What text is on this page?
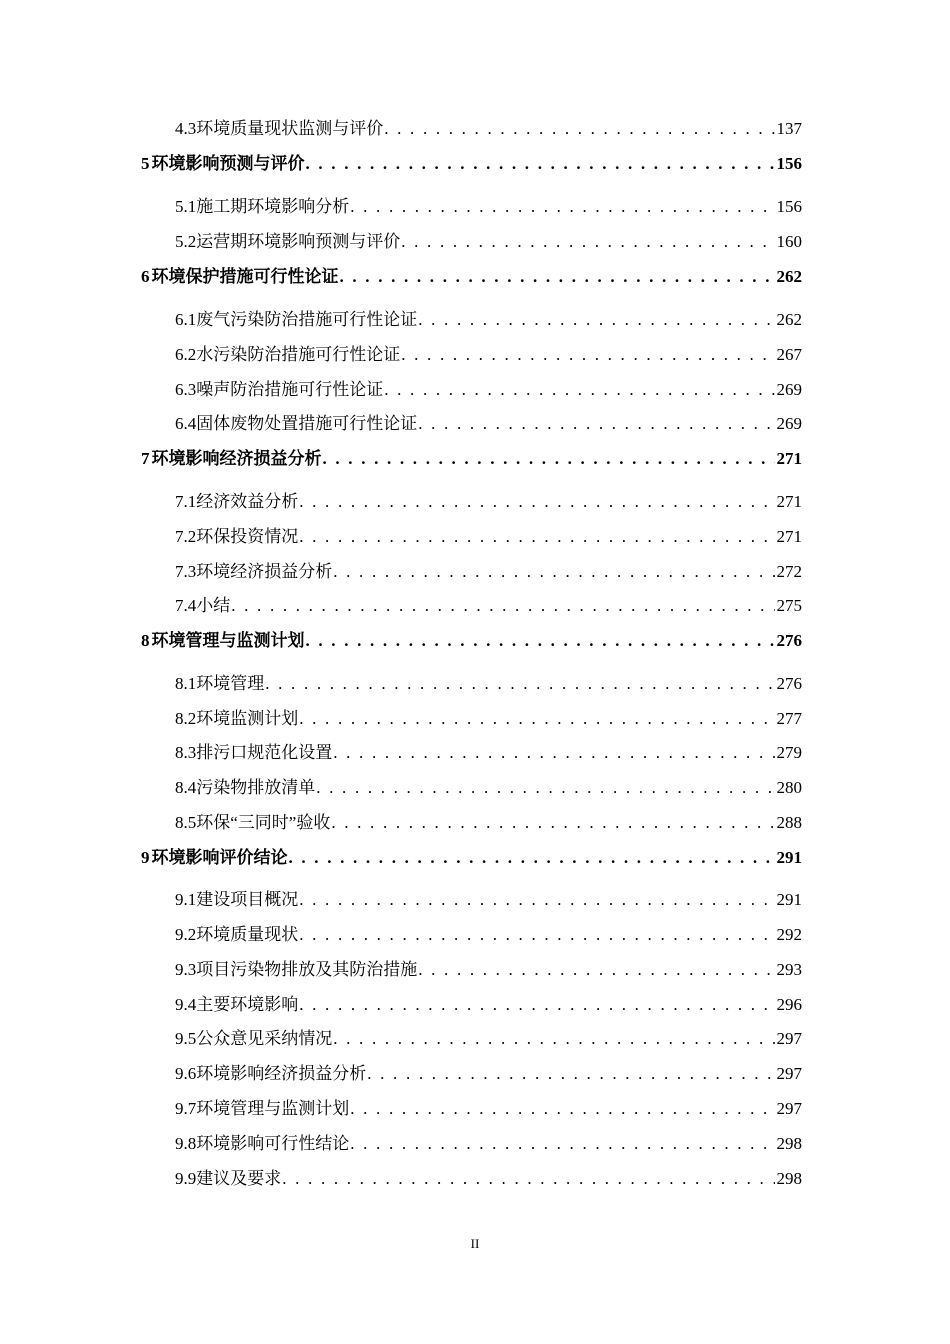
4.3 环境质量现状监测与评价 . . .	137
5 环境影响预测与评价 . . .	156
5.1 施工期环境影响分析 . . .	156
5.2 运营期环境影响预测与评价 . . .	160
6 环境保护措施可行性论证 . . .	262
6.1 废气污染防治措施可行性论证 . . .	262
6.2 水污染防治措施可行性论证 . . .	267
6.3 噪声防治措施可行性论证 . . .	269
6.4 固体废物处置措施可行性论证 . . .	269
7 环境影响经济损益分析 . . .	271
7.1 经济效益分析 . . .	271
7.2 环保投资情况 . . .	271
7.3 环境经济损益分析 . . .	272
7.4 小结 . . .	275
8 环境管理与监测计划 . . .	276
8.1 环境管理 . . .	276
8.2 环境监测计划 . . .	277
8.3 排污口规范化设置 . . .	279
8.4 污染物排放清单 . . .	280
8.5 环保“三同时”验收 . . .	288
9 环境影响评价结论 . . .	291
9.1 建设项目概况 . . .	291
9.2 环境质量现状 . . .	292
9.3 项目污染物排放及其防治措施 . . .	293
9.4 主要环境影响 . . .	296
9.5 公众意见采纳情况 . . .	297
9.6 环境影响经济损益分析 . . .	297
9.7 环境管理与监测计划 . . .	297
9.8 环境影响可行性结论 . . .	298
9.9 建议及要求 . . .	298
II
